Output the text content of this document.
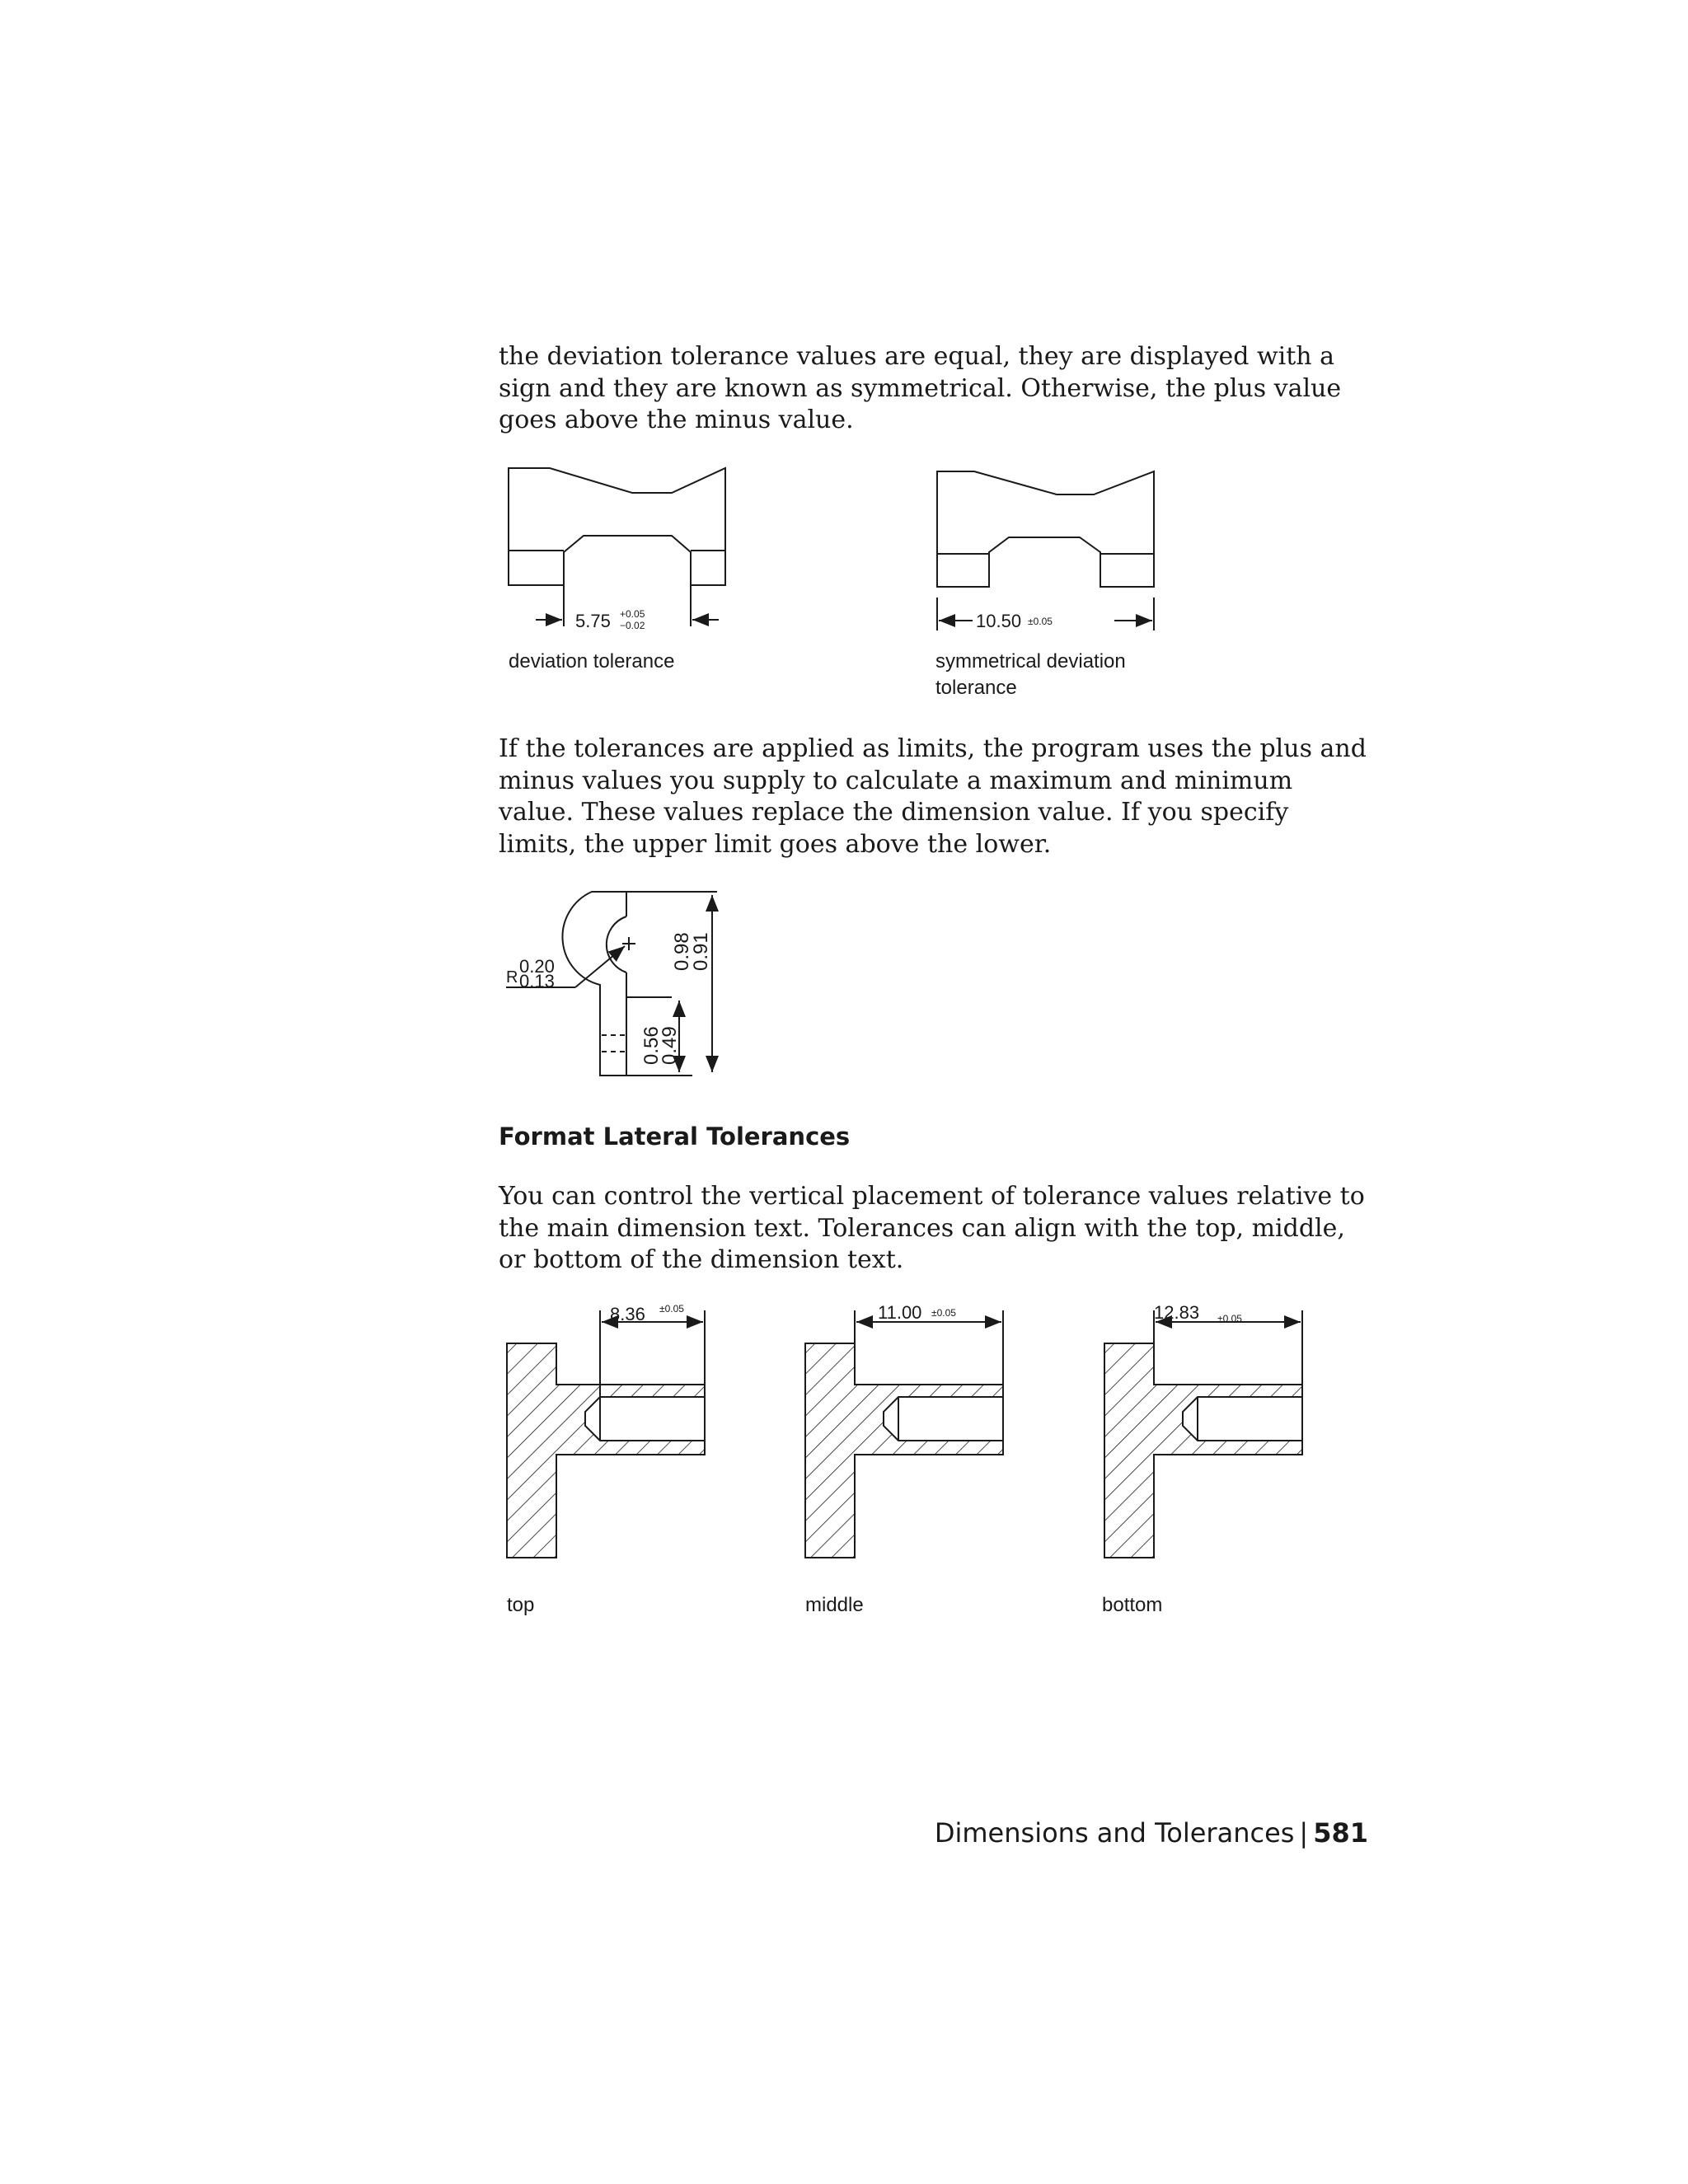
the deviation tolerance values are equal, they are displayed with a   sign and they are known as symmetrical. Otherwise, the plus value goes above the minus value.

5.75 +0.05
−0.02	10.50 ±0.05
deviation tolerance	symmetrical deviation
tolerance

If the tolerances are applied as limits, the program uses the plus and minus values you supply to calculate a maximum and minimum value. These values replace the dimension value. If you specify limits, the upper limit goes above the lower.

R
0.20
0.13
0.98
0.91
0.56
0.49
Format Lateral Tolerances

You can control the vertical placement of tolerance values relative to the main dimension text. Tolerances can align with the top, middle, or bottom of the dimension text.

8.36 ±0.05	11.00 ±0.05	12.83 ±0.05
top	middle	bottom
Dimensions and Tolerances | 581
